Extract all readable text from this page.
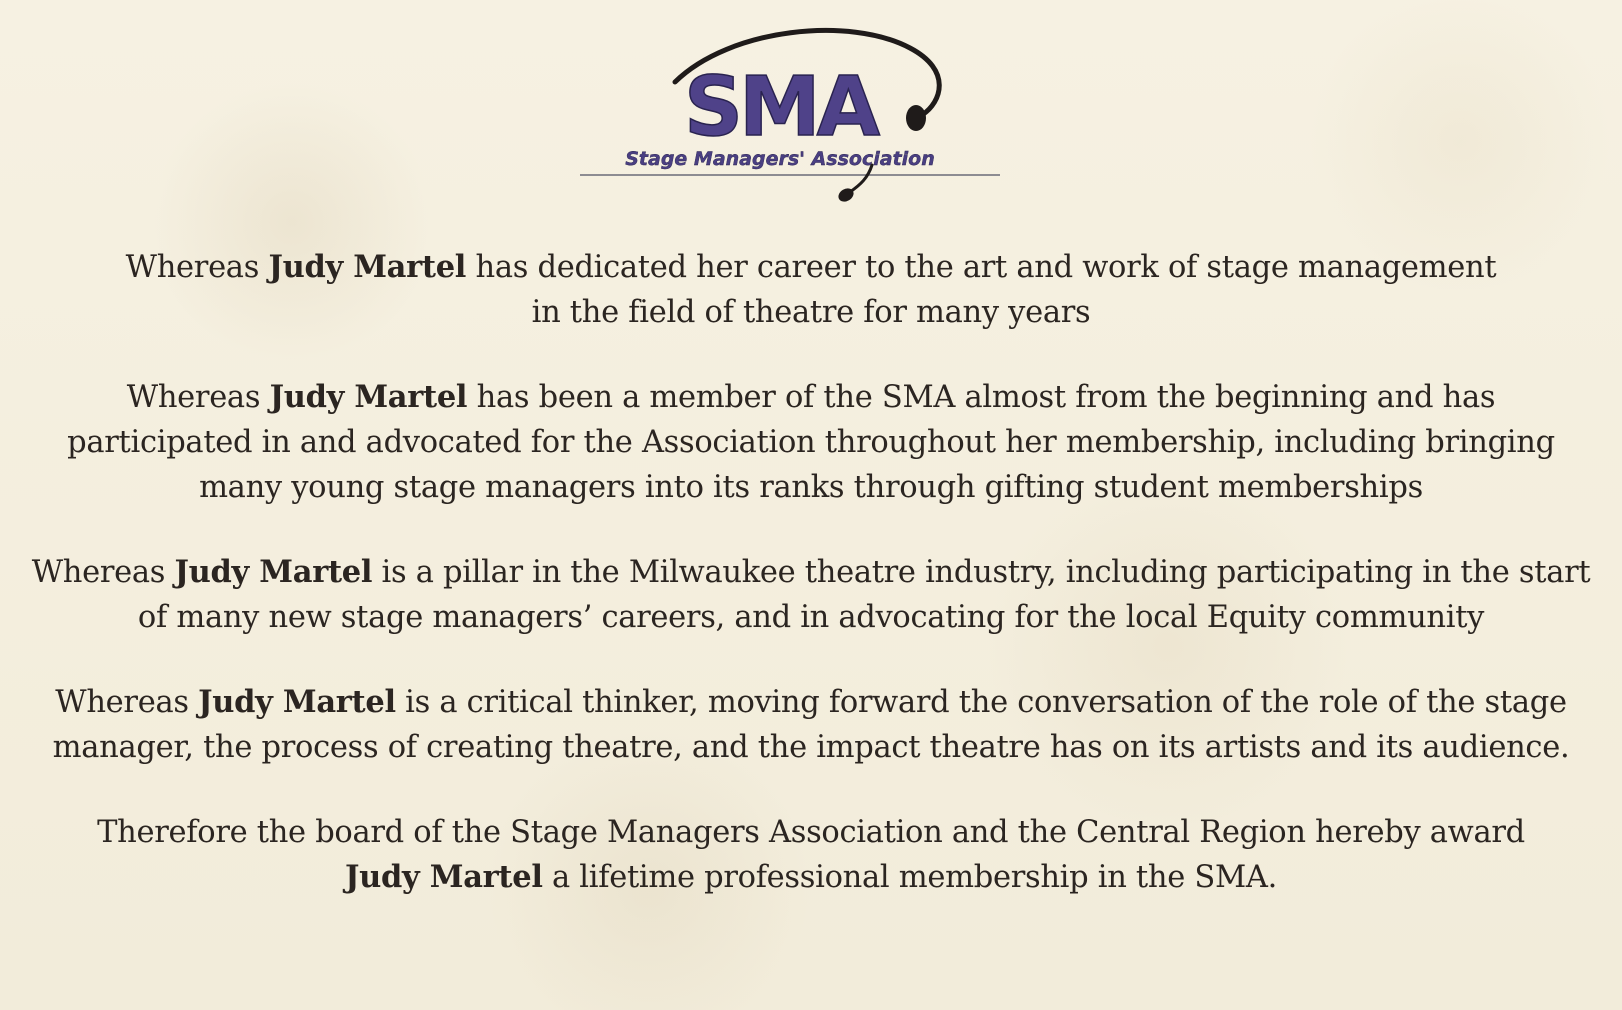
SMA
Stage Managers' Association

Whereas Judy Martel has dedicated her career to the art and work of stage management
in the field of theatre for many years

Whereas Judy Martel has been a member of the SMA almost from the beginning and has
participated in and advocated for the Association throughout her membership, including bringing
many young stage managers into its ranks through gifting student memberships

Whereas Judy Martel is a pillar in the Milwaukee theatre industry, including participating in the start
of many new stage managers’ careers, and in advocating for the local Equity community

Whereas Judy Martel is a critical thinker, moving forward the conversation of the role of the stage
manager, the process of creating theatre, and the impact theatre has on its artists and its audience.

Therefore the board of the Stage Managers Association and the Central Region hereby award
Judy Martel a lifetime professional membership in the SMA.
